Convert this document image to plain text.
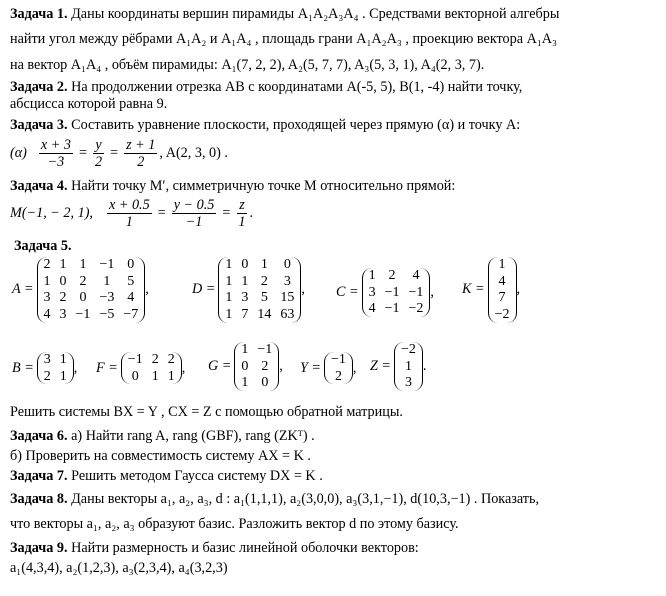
Задача 1. Даны координаты вершин пирамиды A₁A₂A₃A₄ . Средствами векторной алгебры
найти угол между рёбрами A₁A₂ и A₁A₄ , площадь грани A₁A₂A₃ , проекцию вектора A₁A₃
на вектор A₁A₄ , объём пирамиды: A₁(7, 2, 2), A₂(5, 7, 7), A₃(5, 3, 1), A₄(2, 3, 7).
Задача 2. На продолжении отрезка АВ с координатами А(-5, 5), В(1, -4) найти точку,
абсцисса которой равна 9.
Задача 3. Составить уравнение плоскости, проходящей через прямую (α) и точку А:
$(\alpha) \frac{x + 3}{-3} = \frac{y}{2} = \frac{z + 1}{2}$ , A(2, 3, 0) .
Задача 4. Найти точку M′, симметричную точке M относительно прямой:
M(−1, − 2, 1), $\frac{x + 0.5}{1} = \frac{y - 0.5}{-1} = \frac{z}{1}$ .
Задача 5.
A =
2 1 1 −1 0
1 0 2 1 5
3 2 0 −3 4
4 3 −1 −5 −7
,	D =
1 0 1 0
1 1 2 3
1 3 5 15
1 7 14 63
, C =
1 2 4
3 −1 −1
4 −1 −2
, K =
1
4
7
−2
,
B =
3 1
2 1
, F =
−1 2 2
0 1 1
, G =
1 −1
0 2
1 0
, Y =
−1
2
, Z =
−2
1
3
.
Решить системы BX = Y , CX = Z с помощью обратной матрицы.
Задача 6. а) Найти rang A, rang (GBF), rang (ZKᵀ) .
б) Проверить на совместимость систему AX = K .
Задача 7. Решить методом Гаусса систему DX = K .
Задача 8. Даны векторы a₁, a₂, a₃, d : a₁(1,1,1), a₂(3,0,0), a₃(3,1,−1), d(10,3,−1) . Показать,
что векторы a₁, a₂, a₃ образуют базис. Разложить вектор d по этому базису.
Задача 9. Найти размерность и базис линейной оболочки векторов:
a₁(4,3,4), a₂(1,2,3), a₃(2,3,4), a₄(3,2,3)
